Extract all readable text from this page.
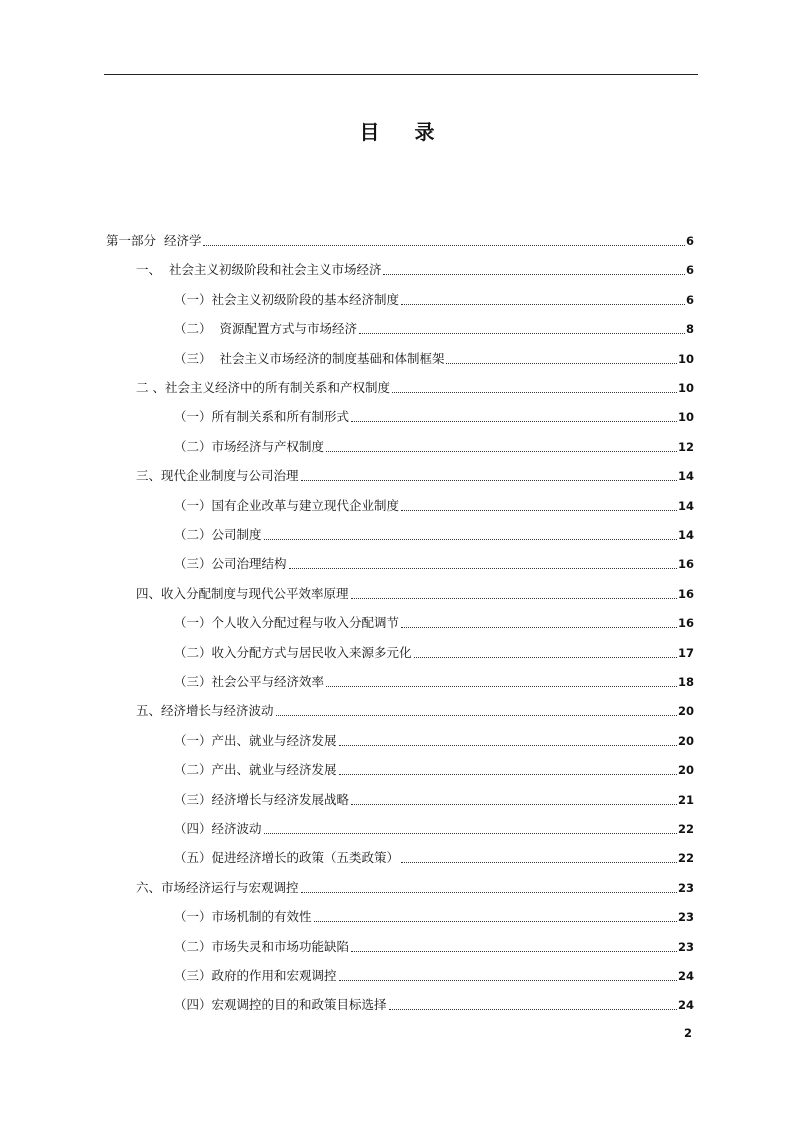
目 录
第一部分  经济学	6
一、  社会主义初级阶段和社会主义市场经济	6
（一）社会主义初级阶段的基本经济制度	6
（二）  资源配置方式与市场经济	8
（三）  社会主义市场经济的制度基础和体制框架	10
二 、社会主义经济中的所有制关系和产权制度	10
（一）所有制关系和所有制形式	10
（二）市场经济与产权制度	12
三、现代企业制度与公司治理	14
（一）国有企业改革与建立现代企业制度	14
（二）公司制度	14
（三）公司治理结构	16
四、收入分配制度与现代公平效率原理	16
（一）个人收入分配过程与收入分配调节	16
（二）收入分配方式与居民收入来源多元化	17
（三）社会公平与经济效率	18
五、经济增长与经济波动	20
（一）产出、就业与经济发展	20
（二）产出、就业与经济发展	20
（三）经济增长与经济发展战略	21
（四）经济波动	22
（五）促进经济增长的政策（五类政策）	22
六、市场经济运行与宏观调控	23
（一）市场机制的有效性	23
（二）市场失灵和市场功能缺陷	23
（三）政府的作用和宏观调控	24
（四）宏观调控的目的和政策目标选择	24
2
